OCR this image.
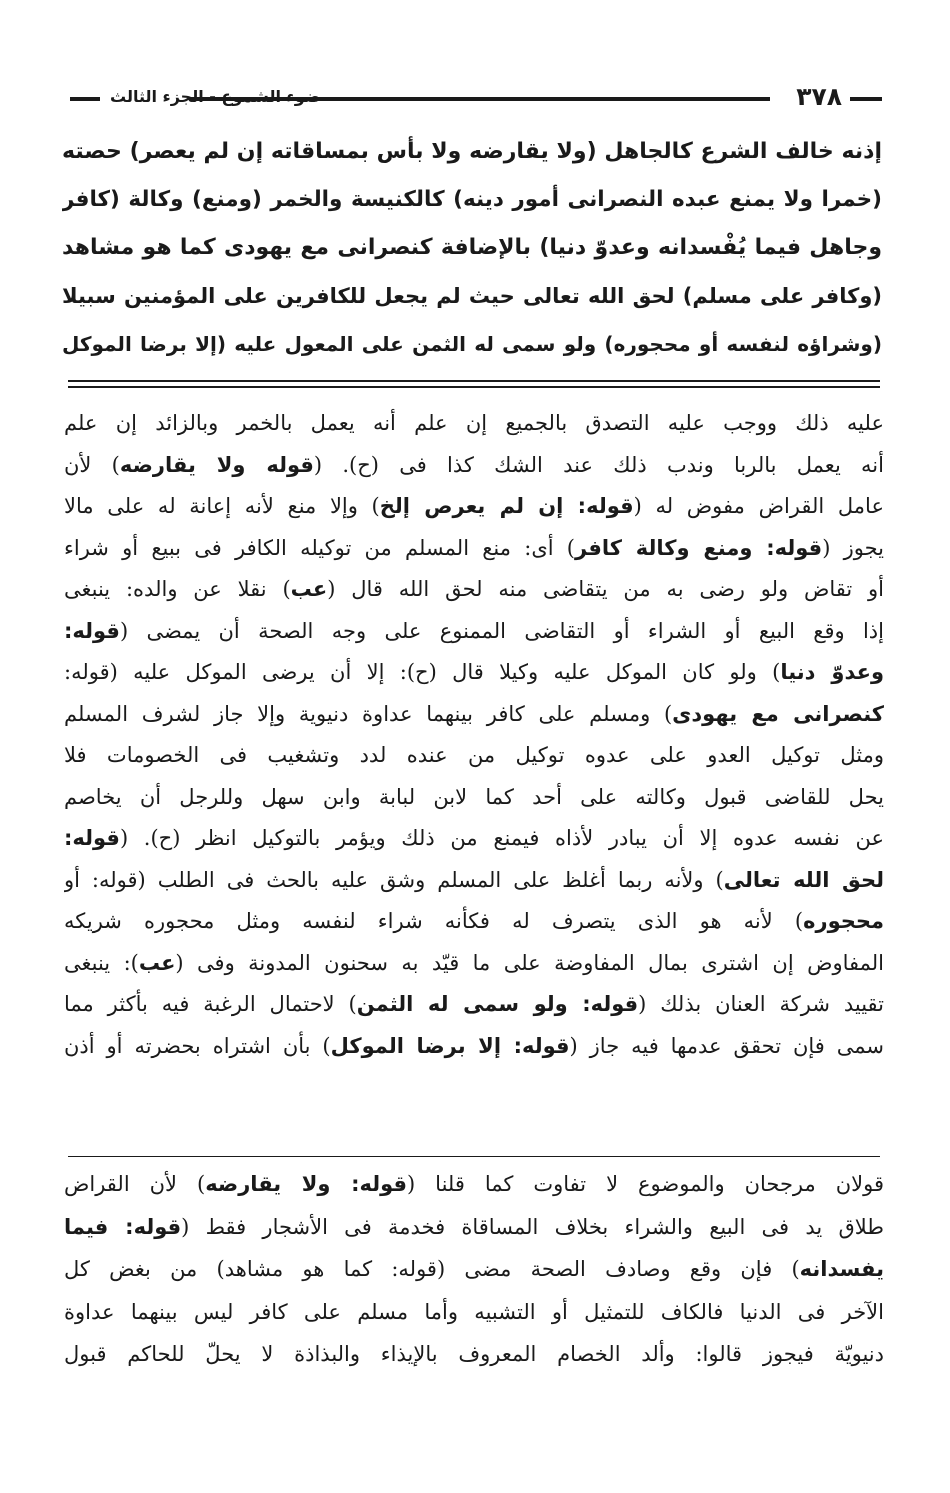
٣٧٨
ضوء الشموع - الجزء الثالث
إذنه خالف الشرع كالجاهل (ولا يقارضه ولا بأس بمساقاته إن لم يعصر) حصته
(خمرا ولا يمنع عبده النصرانى أمور دينه) كالكنيسة والخمر (ومنع) وكالة (كافر
وجاهل فيما يُفْسدانه وعدوّ دنيا) بالإضافة كنصرانى مع يهودى كما هو مشاهد
(وكافر على مسلم) لحق الله تعالى حيث لم يجعل للكافرين على المؤمنين سبيلا
(وشراؤه لنفسه أو محجوره) ولو سمى له الثمن على المعول عليه (إلا برضا الموكل
عليه ذلك ووجب عليه التصدق بالجميع إن علم أنه يعمل بالخمر وبالزائد إن علم
أنه يعمل بالربا وندب ذلك عند الشك كذا فى (ح). (قوله ولا يقارضه) لأن
عامل القراض مفوض له (قوله: إن لم يعرص إلخ) وإلا منع لأنه إعانة له على مالا
يجوز (قوله: ومنع وكالة كافر) أى: منع المسلم من توكيله الكافر فى ببيع أو شراء
أو تقاض ولو رضى به من يتقاضى منه لحق الله قال (عب) نقلا عن والده: ينبغى
إذا وقع البيع أو الشراء أو التقاضى الممنوع على وجه الصحة أن يمضى (قوله:
وعدوّ دنيا) ولو كان الموكل عليه وكيلا قال (ح): إلا أن يرضى الموكل عليه (قوله:
كنصرانى مع يهودى) ومسلم على كافر بينهما عداوة دنيوية وإلا جاز لشرف المسلم
ومثل توكيل العدو على عدوه توكيل من عنده لدد وتشغيب فى الخصومات فلا
يحل للقاضى قبول وكالته على أحد كما لابن لبابة وابن سهل وللرجل أن يخاصم
عن نفسه عدوه إلا أن يبادر لأذاه فيمنع من ذلك ويؤمر بالتوكيل انظر (ح). (قوله:
لحق الله تعالى) ولأنه ربما أغلظ على المسلم وشق عليه بالحث فى الطلب (قوله: أو
محجوره) لأنه هو الذى يتصرف له فكأنه شراء لنفسه ومثل محجوره شريكه
المفاوض إن اشترى بمال المفاوضة على ما قيّد به سحنون المدونة وفى (عب): ينبغى
تقييد شركة العنان بذلك (قوله: ولو سمى له الثمن) لاحتمال الرغبة فيه بأكثر مما
سمى فإن تحقق عدمها فيه جاز (قوله: إلا برضا الموكل) بأن اشتراه بحضرته أو أذن
قولان مرجحان والموضوع لا تفاوت كما قلنا (قوله: ولا يقارضه) لأن القراض
طلاق يد فى البيع والشراء بخلاف المساقاة فخدمة فى الأشجار فقط (قوله: فيما
يفسدانه) فإن وقع وصادف الصحة مضى (قوله: كما هو مشاهد) من بغض كل
الآخر فى الدنيا فالكاف للتمثيل أو التشبيه وأما مسلم على كافر ليس بينهما عداوة
دنيويّة فيجوز قالوا: وألد الخصام المعروف بالإيذاء والبذاذة لا يحلّ للحاكم قبول
